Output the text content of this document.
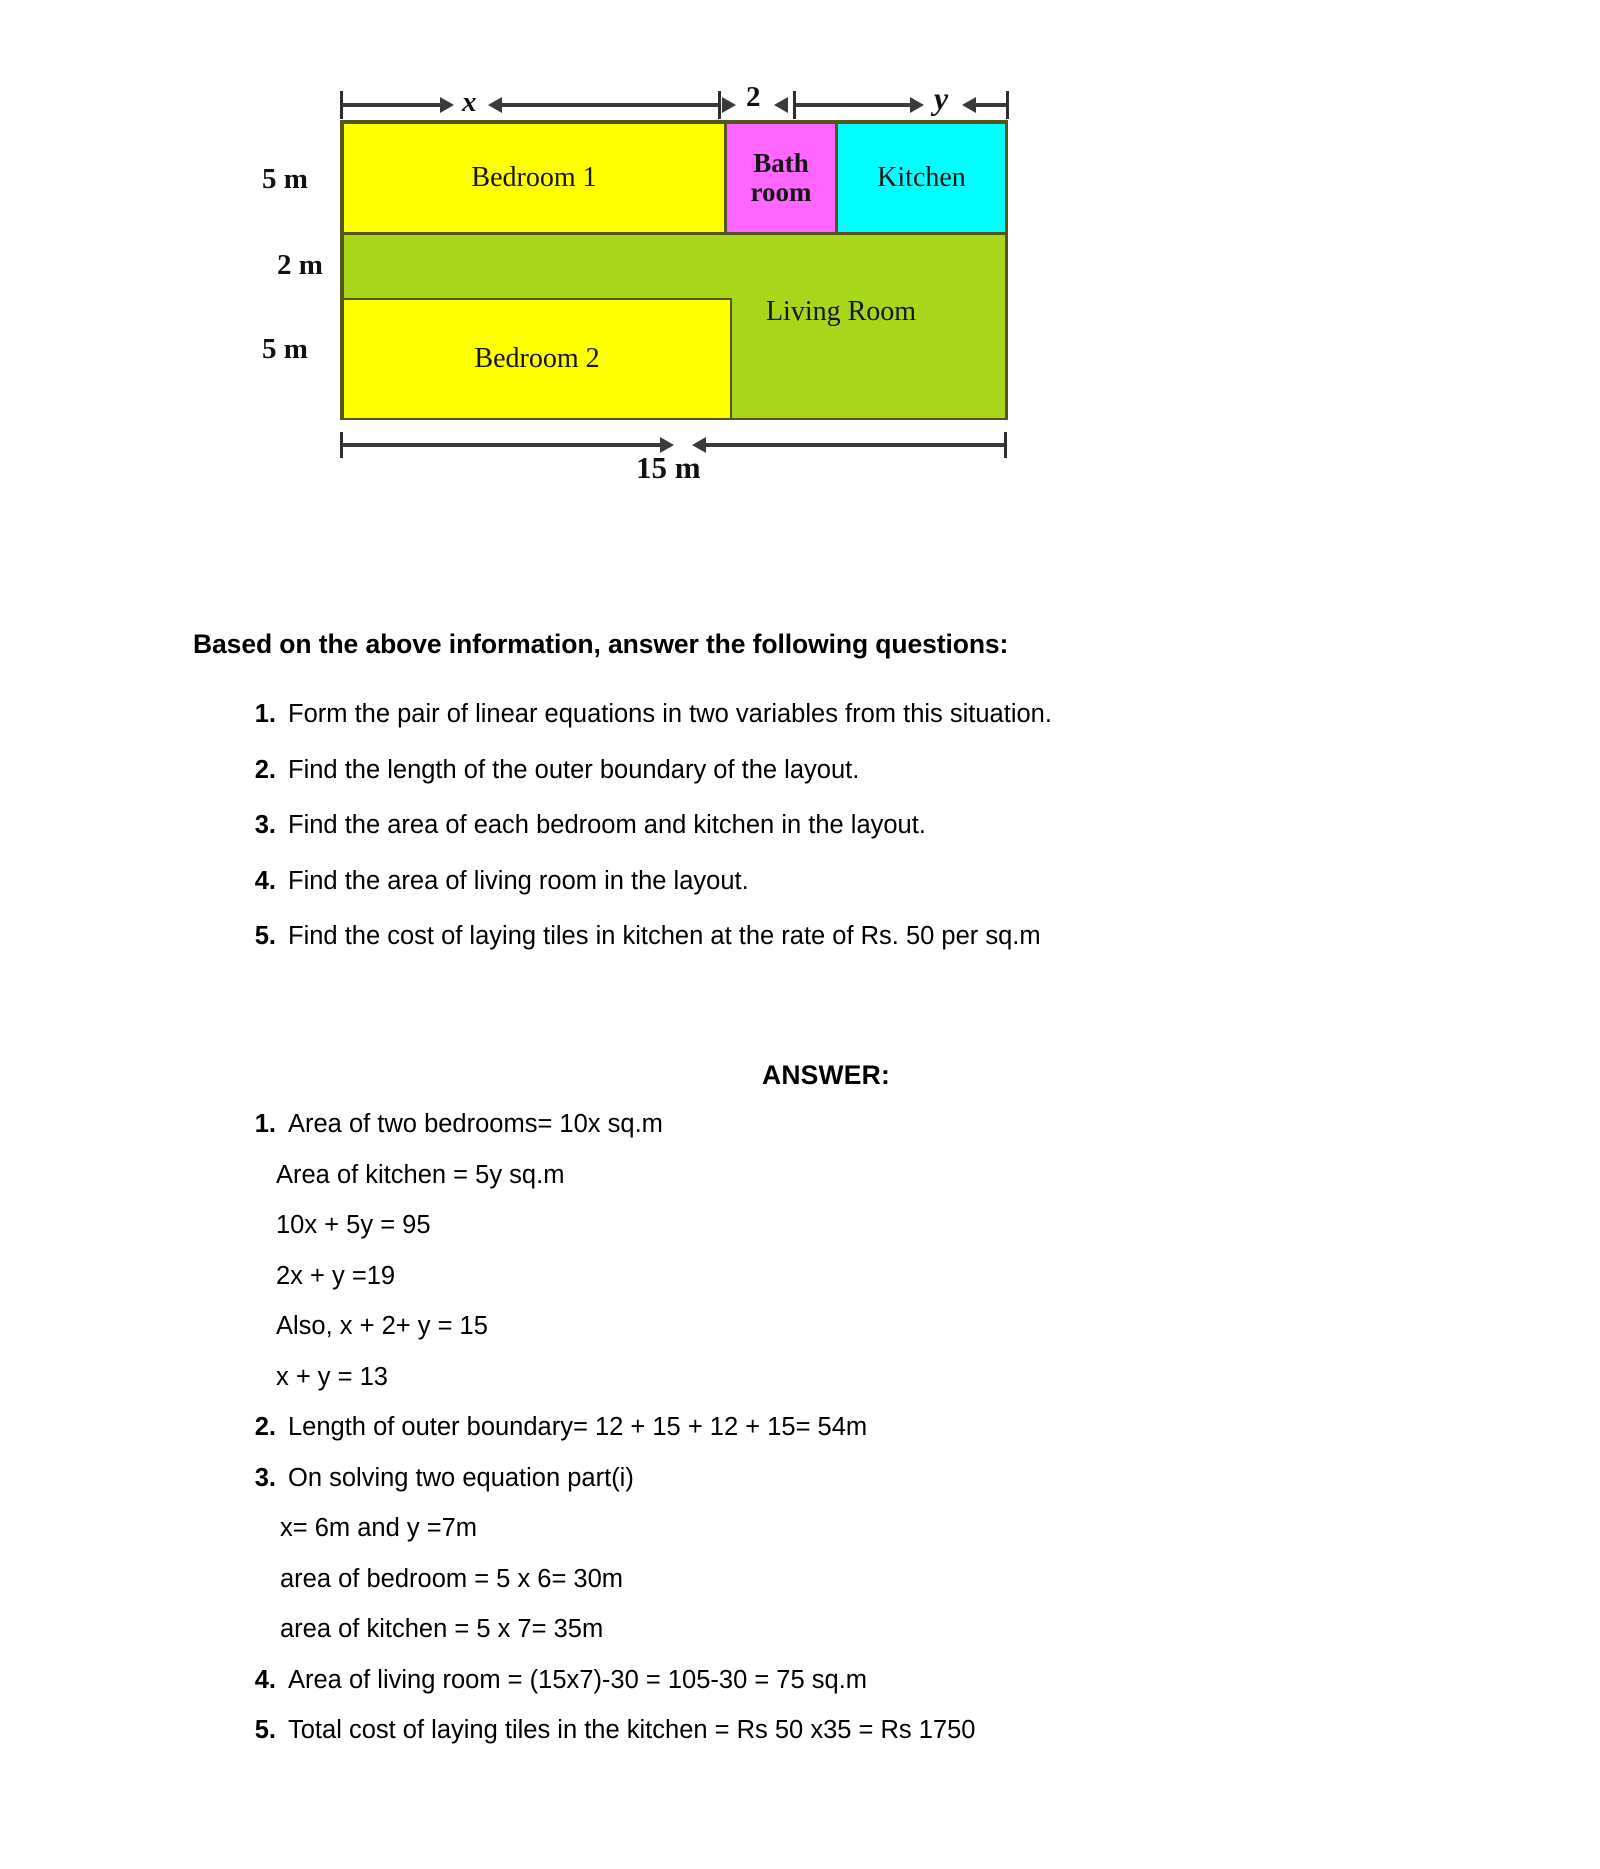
x	2	y
5 m
2 m
5 m
Living Room
Bedroom 2
Bedroom 1	Bath
room Kitchen
15 m
Based on the above information, answer the following questions:
1. Form the pair of linear equations in two variables from this situation.
2. Find the length of the outer boundary of the layout.
3. Find the area of each bedroom and kitchen in the layout.
4. Find the area of living room in the layout.
5. Find the cost of laying tiles in kitchen at the rate of Rs. 50 per sq.m
ANSWER:
1. Area of two bedrooms= 10x sq.m
Area of kitchen = 5y sq.m
10x + 5y = 95
2x + y =19
Also, x + 2+ y = 15
x + y = 13
2. Length of outer boundary= 12 + 15 + 12 + 15= 54m
3. On solving two equation part(i)
x= 6m and y =7m
area of bedroom = 5 x 6= 30m
area of kitchen = 5 x 7= 35m
4. Area of living room = (15x7)-30 = 105-30 = 75 sq.m
5. Total cost of laying tiles in the kitchen = Rs 50 x35 = Rs 1750
